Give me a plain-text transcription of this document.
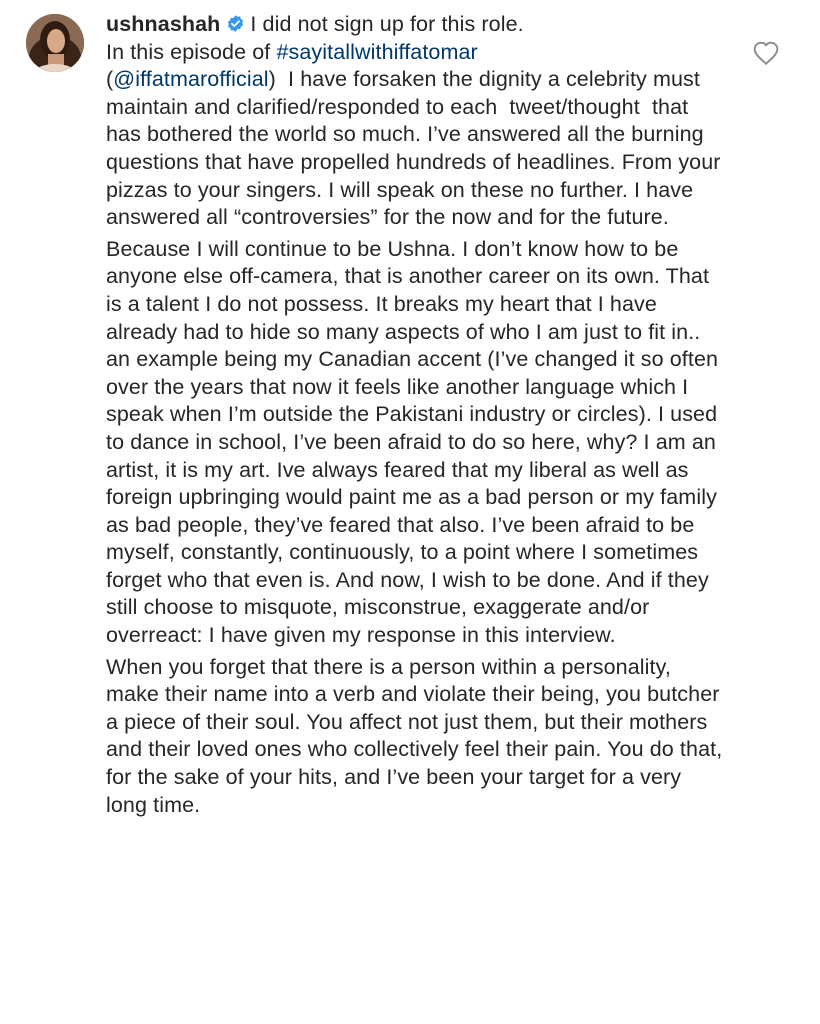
ushnashah I did not sign up for this role.
In this episode of #sayitallwithiffatomar
(@iffatmarofficial)  I have forsaken the dignity a celebrity must maintain and clarified/responded to each  tweet/thought  that has bothered the world so much. I’ve answered all the burning questions that have propelled hundreds of headlines. From your pizzas to your singers. I will speak on these no further. I have answered all “controversies” for the now and for the future.

Because I will continue to be Ushna. I don’t know how to be anyone else off-camera, that is another career on its own. That is a talent I do not possess. It breaks my heart that I have already had to hide so many aspects of who I am just to fit in.. an example being my Canadian accent (I’ve changed it so often over the years that now it feels like another language which I speak when I’m outside the Pakistani industry or circles). I used to dance in school, I’ve been afraid to do so here, why? I am an artist, it is my art. Ive always feared that my liberal as well as foreign upbringing would paint me as a bad person or my family as bad people, they’ve feared that also. I’ve been afraid to be myself, constantly, continuously, to a point where I sometimes forget who that even is. And now, I wish to be done. And if they still choose to misquote, misconstrue, exaggerate and/or overreact: I have given my response in this interview.

When you forget that there is a person within a personality, make their name into a verb and violate their being, you butcher a piece of their soul. You affect not just them, but their mothers and their loved ones who collectively feel their pain. You do that, for the sake of your hits, and I’ve been your target for a very long time.
